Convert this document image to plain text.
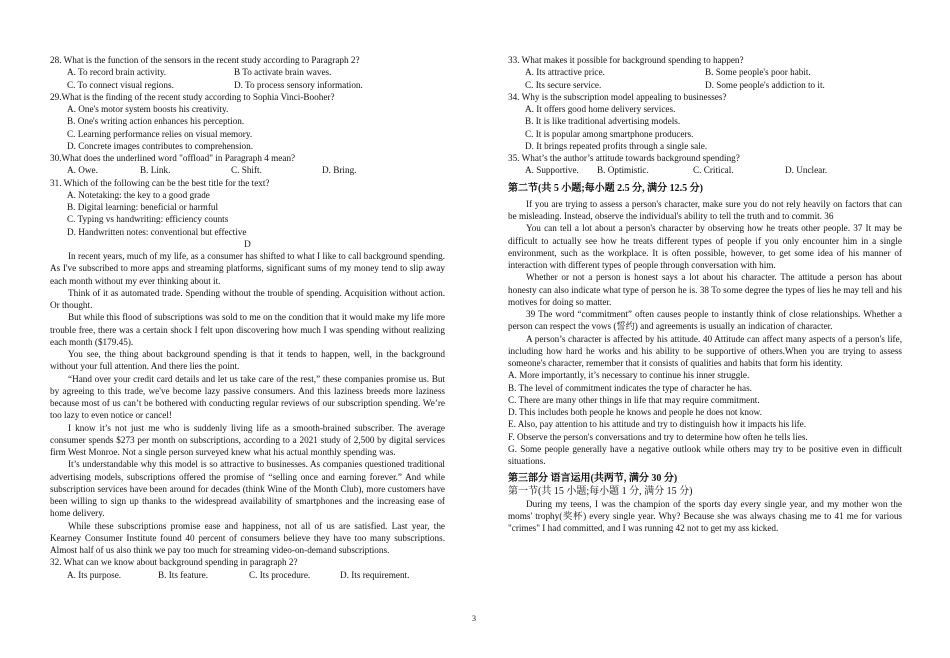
28. What is the function of the sensors in the recent study according to Paragraph 2?

A. To record brain activity.	B To activate brain waves.
C. To connect visual regions.	D. To process sensory information.

29.What is the finding of the recent study according to Sophia Vinci-Booher?

A. One's motor system boosts his creativity.

B. One's writing action enhances his perception.

C. Learning performance relies on visual memory.

D. Concrete images contributes to comprehension.

30.What does the underlined word "offload" in Paragraph 4 mean?

A. Owe.	B. Link.	C. Shift.	D. Bring.

31. Which of the following can be the best title for the text?

A. Notetaking: the key to a good grade

B. Digital learning: beneficial or harmful

C. Typing vs handwriting: efficiency counts

D. Handwritten notes: conventional but effective

D

In recent years, much of my life, as a consumer has shifted to what I like to call background spending. As I've subscribed to more apps and streaming platforms, significant sums of my money tend to slip away each month without my ever thinking about it.

Think of it as automated trade. Spending without the trouble of spending. Acquisition without action. Or thought.

But while this flood of subscriptions was sold to me on the condition that it would make my life more trouble free, there was a certain shock I felt upon discovering how much I was spending without realizing each month ($179.45).

You see, the thing about background spending is that it tends to happen, well, in the background without your full attention. And there lies the point.

“Hand over your credit card details and let us take care of the rest,” these companies promise us. But by agreeing to this trade, we've become lazy passive consumers. And this laziness breeds more laziness because most of us can’t be bothered with conducting regular reviews of our subscription spending. We’re too lazy to even notice or cancel!

I know it’s not just me who is suddenly living life as a smooth-brained subscriber. The average consumer spends $273 per month on subscriptions, according to a 2021 study of 2,500 by digital services firm West Monroe. Not a single person surveyed knew what his actual monthly spending was.

It’s understandable why this model is so attractive to businesses. As companies questioned traditional advertising models, subscriptions offered the promise of “selling once and earning forever.” And while subscription services have been around for decades (think Wine of the Month Club), more customers have been willing to sign up thanks to the widespread availability of smartphones and the increasing ease of home delivery.

While these subscriptions promise ease and happiness, not all of us are satisfied. Last year, the Kearney Consumer Institute found 40 percent of consumers believe they have too many subscriptions. Almost half of us also think we pay too much for streaming video-on-demand subscriptions.

32. What can we know about background spending in paragraph 2?

A. Its purpose.	B. Its feature.	C. Its procedure.	D. Its requirement.

33. What makes it possible for background spending to happen?

A. Its attractive price.	B. Some people's poor habit.
C. Its secure service.	D. Some people's addiction to it.

34. Why is the subscription model appealing to businesses?

A. It offers good home delivery services.

B. It is like traditional advertising models.

C. It is popular among smartphone producers.

D. It brings repeated profits through a single sale.

35. What’s the author’s attitude towards background spending?

A. Supportive.	B. Optimistic.	C. Critical.	D. Unclear.

第二节(共 5 小题;每小题 2.5 分, 满分 12.5 分)

If you are trying to assess a person's character, make sure you do not rely heavily on factors that can be misleading. Instead, observe the individual's ability to tell the truth and to commit. 36

You can tell a lot about a person's character by observing how he treats other people. 37 It may be difficult to actually see how he treats different types of people if you only encounter him in a single environment, such as the workplace. It is often possible, however, to get some idea of his manner of interaction with different types of people through conversation with him.

Whether or not a person is honest says a lot about his character. The attitude a person has about honesty can also indicate what type of person he is. 38 To some degree the types of lies he may tell and his motives for doing so matter.

39 The word “commitment” often causes people to instantly think of close relationships. Whether a person can respect the vows (誓约) and agreements is usually an indication of character.

A person’s character is affected by his attitude. 40 Attitude can affect many aspects of a person's life, including how hard he works and his ability to be supportive of others.When you are trying to assess someone's character, remember that it consists of qualities and habits that form his identity.

A. More importantly, it’s necessary to continue his inner struggle.

B. The level of commitment indicates the type of character he has.

C. There are many other things in life that may require commitment.

D. This includes both people he knows and people he does not know.

E. Also, pay attention to his attitude and try to distinguish how it impacts his life.

F. Observe the person's conversations and try to determine how often he tells lies.

G. Some people generally have a negative outlook while others may try to be positive even in difficult situations.

第三部分 语言运用(共两节, 满分 30 分)

第一节(共 15 小题;每小题 1 分, 满分 15 分)

During my teens, I was the champion of the sports day every single year, and my mother won the moms' trophy(奖杯) every single year. Why? Because she was always chasing me to 41 me for various "crimes" I had committed, and I was running 42 not to get my ass kicked.

3
